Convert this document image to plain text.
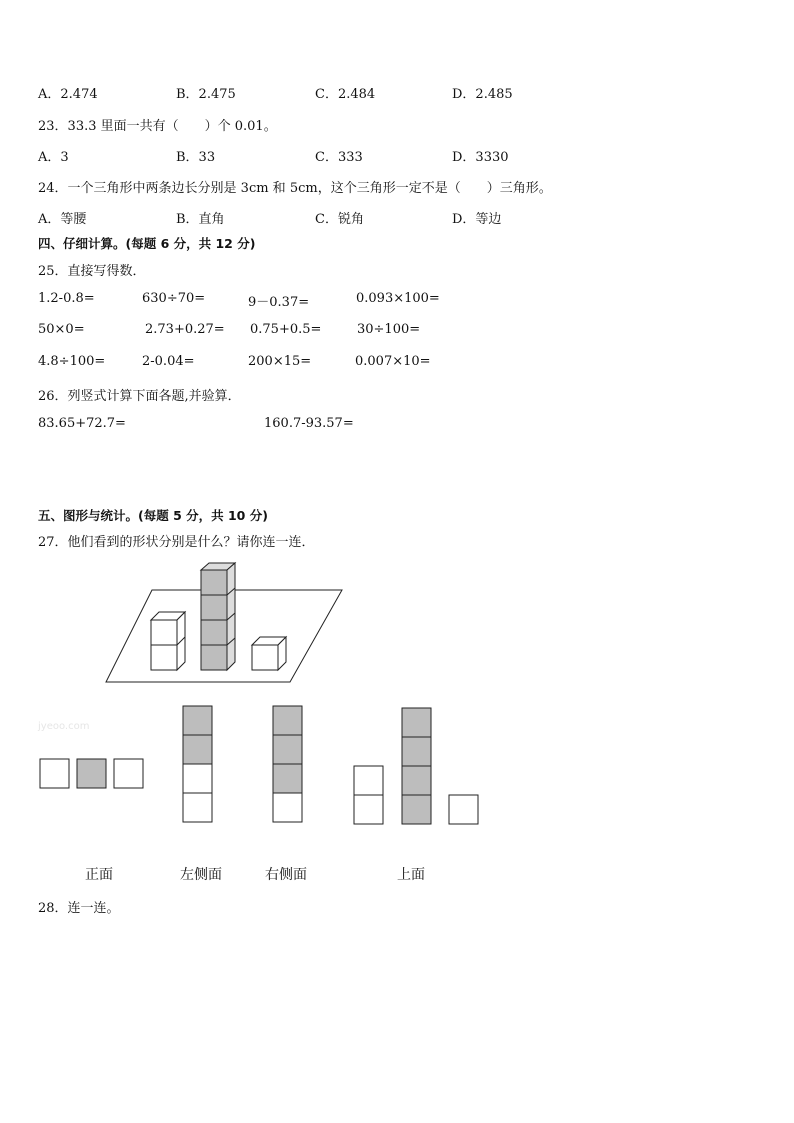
A．2.474	B．2.475	C．2.484	D．2.485
23．33.3 里面一共有（　　）个 0.01。
A．3	B．33	C．333	D．3330
24．一个三角形中两条边长分别是 3cm 和 5cm，这个三角形一定不是（　　）三角形。
A．等腰	B．直角	C．锐角	D．等边
四、仔细计算。(每题 6 分，共 12 分)
25．直接写得数．
1.2-0.8=	630÷70=	9－0.37=	0.093×100=
50×0=	2.73+0.27= 0.75+0.5=	30÷100=
4.8÷100=	2-0.04=	200×15=	0.007×10=
26．列竖式计算下面各题,并验算．
83.65+72.7=	160.7-93.57=
五、图形与统计。(每题 5 分，共 10 分)
27．他们看到的形状分别是什么？请你连一连．
jyeoo.com
正面	左侧面	右侧面	上面
28．连一连。
